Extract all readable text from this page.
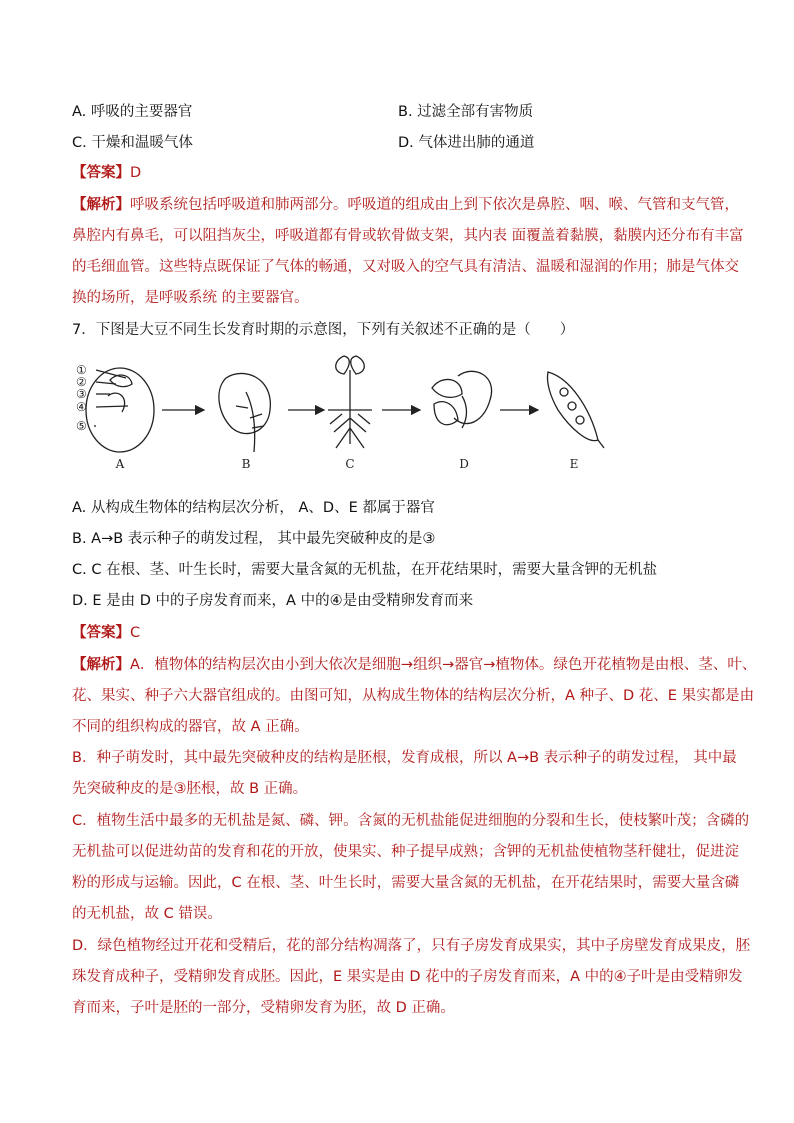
A. 呼吸的主要器官	B. 过滤全部有害物质
C. 干燥和温暖气体	D. 气体进出肺的通道
【答案】D
【解析】呼吸系统包括呼吸道和肺两部分。呼吸道的组成由上到下依次是鼻腔、咽、喉、气管和支气管，
鼻腔内有鼻毛，可以阻挡灰尘，呼吸道都有骨或软骨做支架，其内表 面覆盖着黏膜，黏膜内还分布有丰富
的毛细血管。这些特点既保证了气体的畅通，又对吸入的空气具有清洁、温暖和湿润的作用；肺是气体交
换的场所，是呼吸系统 的主要器官。
7．下图是大豆不同生长发育时期的示意图，下列有关叙述不正确的是（　　）
①
②
③
④
⑤
A	B	C	D	E
A. 从构成生物体的结构层次分析， A、D、E 都属于器官
B. A→B 表示种子的萌发过程， 其中最先突破种皮的是③
C. C 在根、茎、叶生长时，需要大量含氮的无机盐，在开花结果时，需要大量含钾的无机盐
D. E 是由 D 中的子房发育而来，A 中的④是由受精卵发育而来
【答案】C
【解析】A．植物体的结构层次由小到大依次是细胞→组织→器官→植物体。绿色开花植物是由根、茎、叶、
花、果实、种子六大器官组成的。由图可知，从构成生物体的结构层次分析，A 种子、D 花、E 果实都是由
不同的组织构成的器官，故 A 正确。
B．种子萌发时，其中最先突破种皮的结构是胚根，发育成根，所以 A→B 表示种子的萌发过程， 其中最
先突破种皮的是③胚根，故 B 正确。
C．植物生活中最多的无机盐是氮、磷、钾。含氮的无机盐能促进细胞的分裂和生长，使枝繁叶茂；含磷的
无机盐可以促进幼苗的发育和花的开放，使果实、种子提早成熟；含钾的无机盐使植物茎秆健壮，促进淀
粉的形成与运输。因此，C 在根、茎、叶生长时，需要大量含氮的无机盐，在开花结果时，需要大量含磷
的无机盐，故 C 错误。
D．绿色植物经过开花和受精后，花的部分结构凋落了，只有子房发育成果实，其中子房壁发育成果皮，胚
珠发育成种子，受精卵发育成胚。因此，E 果实是由 D 花中的子房发育而来，A 中的④子叶是由受精卵发
育而来，子叶是胚的一部分，受精卵发育为胚，故 D 正确。
